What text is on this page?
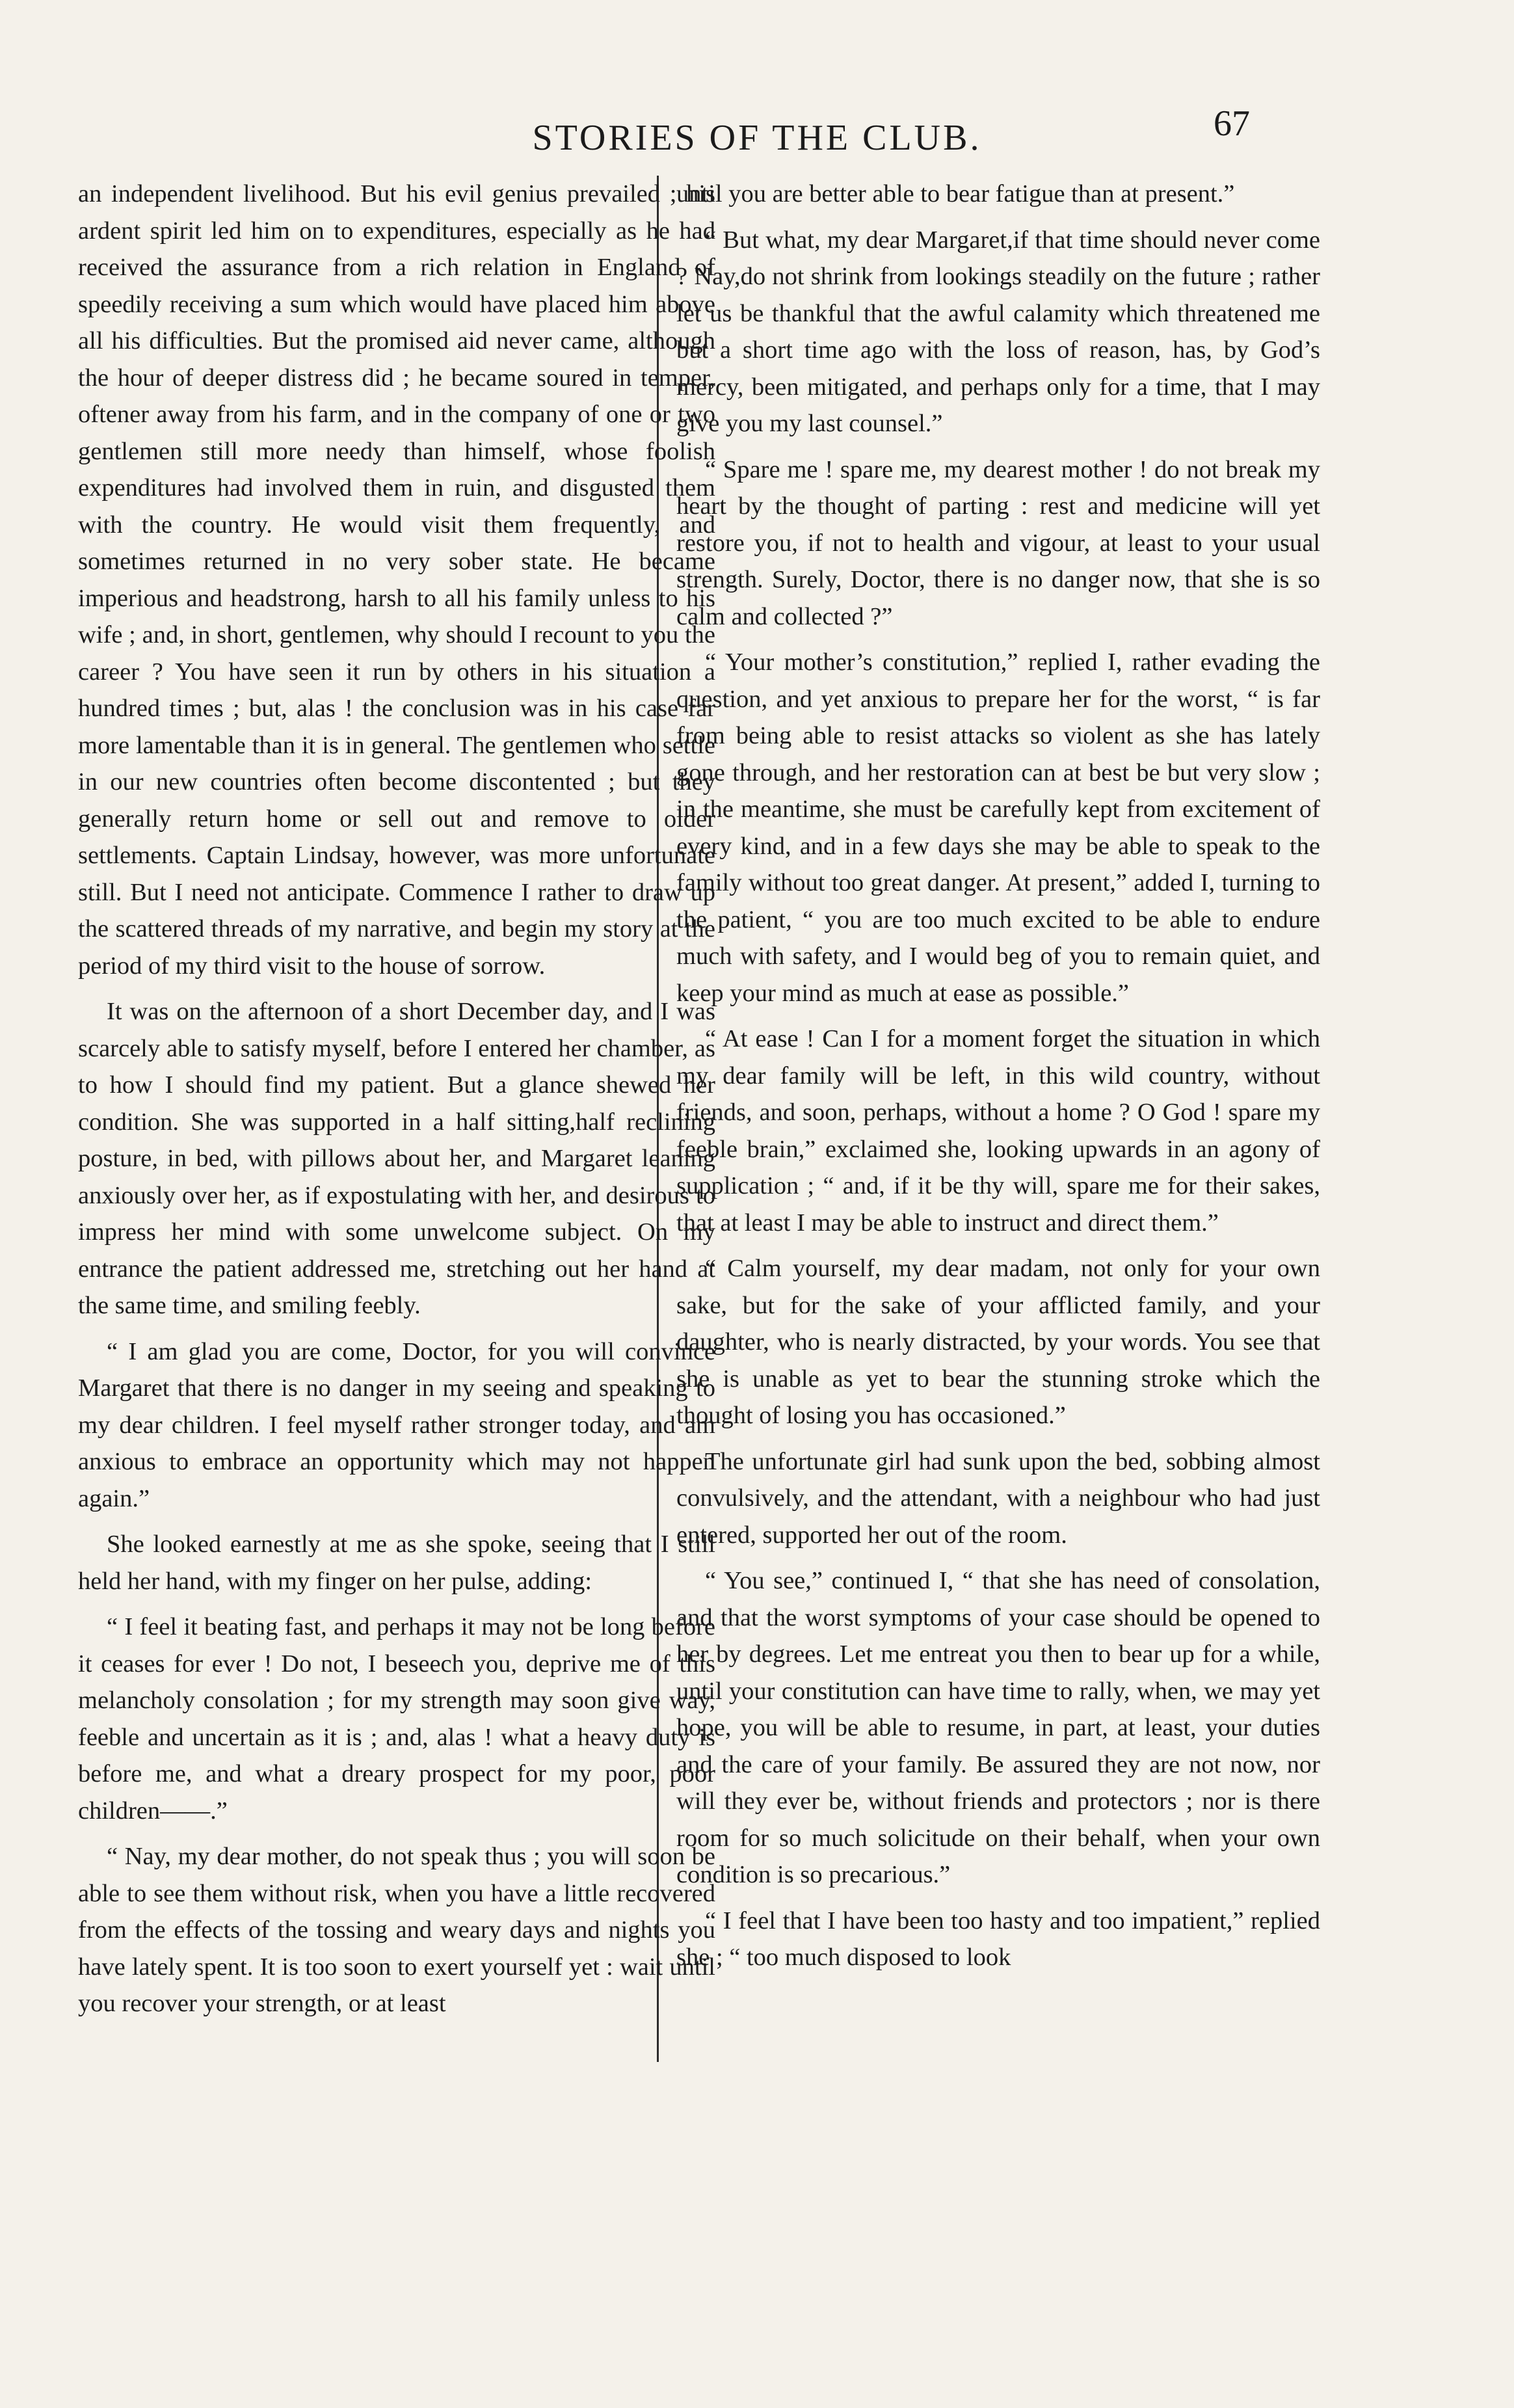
STORIES OF THE CLUB.	67

an independent livelihood. But his evil genius prevailed ; his ardent spirit led him on to expenditures, especially as he had received the assurance from a rich relation in England of speedily receiving a sum which would have placed him above all his difficulties. But the promised aid never came, although the hour of deeper distress did ; he became soured in temper, oftener away from his farm, and in the company of one or two gentlemen still more needy than himself, whose foolish expenditures had involved them in ruin, and disgusted them with the country. He would visit them frequently, and sometimes returned in no very sober state. He became imperious and headstrong, harsh to all his family unless to his wife ; and, in short, gentlemen, why should I recount to you the career ? You have seen it run by others in his situation a hundred times ; but, alas ! the conclusion was in his case far more lamentable than it is in general. The gentlemen who settle in our new countries often become discontented ; but they generally return home or sell out and remove to older settlements. Captain Lindsay, however, was more unfortunate still. But I need not anticipate. Commence I rather to draw up the scattered threads of my narrative, and begin my story at the period of my third visit to the house of sorrow.

It was on the afternoon of a short December day, and I was scarcely able to satisfy myself, before I entered her chamber, as to how I should find my patient. But a glance shewed her condition. She was supported in a half sitting,half reclining posture, in bed, with pillows about her, and Margaret leaning anxiously over her, as if expostulating with her, and desirous to impress her mind with some unwelcome subject. On my entrance the patient addressed me, stretching out her hand at the same time, and smiling feebly.

“ I am glad you are come, Doctor, for you will convince Margaret that there is no danger in my seeing and speaking to my dear children. I feel myself rather stronger today, and am anxious to embrace an opportunity which may not happen again.”

She looked earnestly at me as she spoke, seeing that I still held her hand, with my finger on her pulse, adding:

“ I feel it beating fast, and perhaps it may not be long before it ceases for ever ! Do not, I beseech you, deprive me of this melancholy consolation ; for my strength may soon give way, feeble and uncertain as it is ; and, alas ! what a heavy duty is before me, and what a dreary prospect for my poor, poor children——.”

“ Nay, my dear mother, do not speak thus ; you will soon be able to see them without risk, when you have a little recovered from the effects of the tossing and weary days and nights you have lately spent. It is too soon to exert yourself yet : wait until you recover your strength, or at least

until you are better able to bear fatigue than at present.”

“ But what, my dear Margaret,if that time should never come ? Nay,do not shrink from lookings steadily on the future ; rather let us be thankful that the awful calamity which threatened me but a short time ago with the loss of reason, has, by God’s mercy, been mitigated, and perhaps only for a time, that I may give you my last counsel.”

“ Spare me ! spare me, my dearest mother ! do not break my heart by the thought of parting : rest and medicine will yet restore you, if not to health and vigour, at least to your usual strength. Surely, Doctor, there is no danger now, that she is so calm and collected ?”

“ Your mother’s constitution,” replied I, rather evading the question, and yet anxious to prepare her for the worst, “ is far from being able to resist attacks so violent as she has lately gone through, and her restoration can at best be but very slow ; in the meantime, she must be carefully kept from excitement of every kind, and in a few days she may be able to speak to the family without too great danger. At present,” added I, turning to the patient, “ you are too much excited to be able to endure much with safety, and I would beg of you to remain quiet, and keep your mind as much at ease as possible.”

“ At ease ! Can I for a moment forget the situation in which my dear family will be left, in this wild country, without friends, and soon, perhaps, without a home ? O God ! spare my feeble brain,” exclaimed she, looking upwards in an agony of supplication ; “ and, if it be thy will, spare me for their sakes, that at least I may be able to instruct and direct them.”

“ Calm yourself, my dear madam, not only for your own sake, but for the sake of your afflicted family, and your daughter, who is nearly distracted, by your words. You see that she is unable as yet to bear the stunning stroke which the thought of losing you has occasioned.”

The unfortunate girl had sunk upon the bed, sobbing almost convulsively, and the attendant, with a neighbour who had just entered, supported her out of the room.

“ You see,” continued I, “ that she has need of consolation, and that the worst symptoms of your case should be opened to her by degrees. Let me entreat you then to bear up for a while, until your constitution can have time to rally, when, we may yet hope, you will be able to resume, in part, at least, your duties and the care of your family. Be assured they are not now, nor will they ever be, without friends and protectors ; nor is there room for so much solicitude on their behalf, when your own condition is so precarious.”

“ I feel that I have been too hasty and too impatient,” replied she ; “ too much disposed to look
